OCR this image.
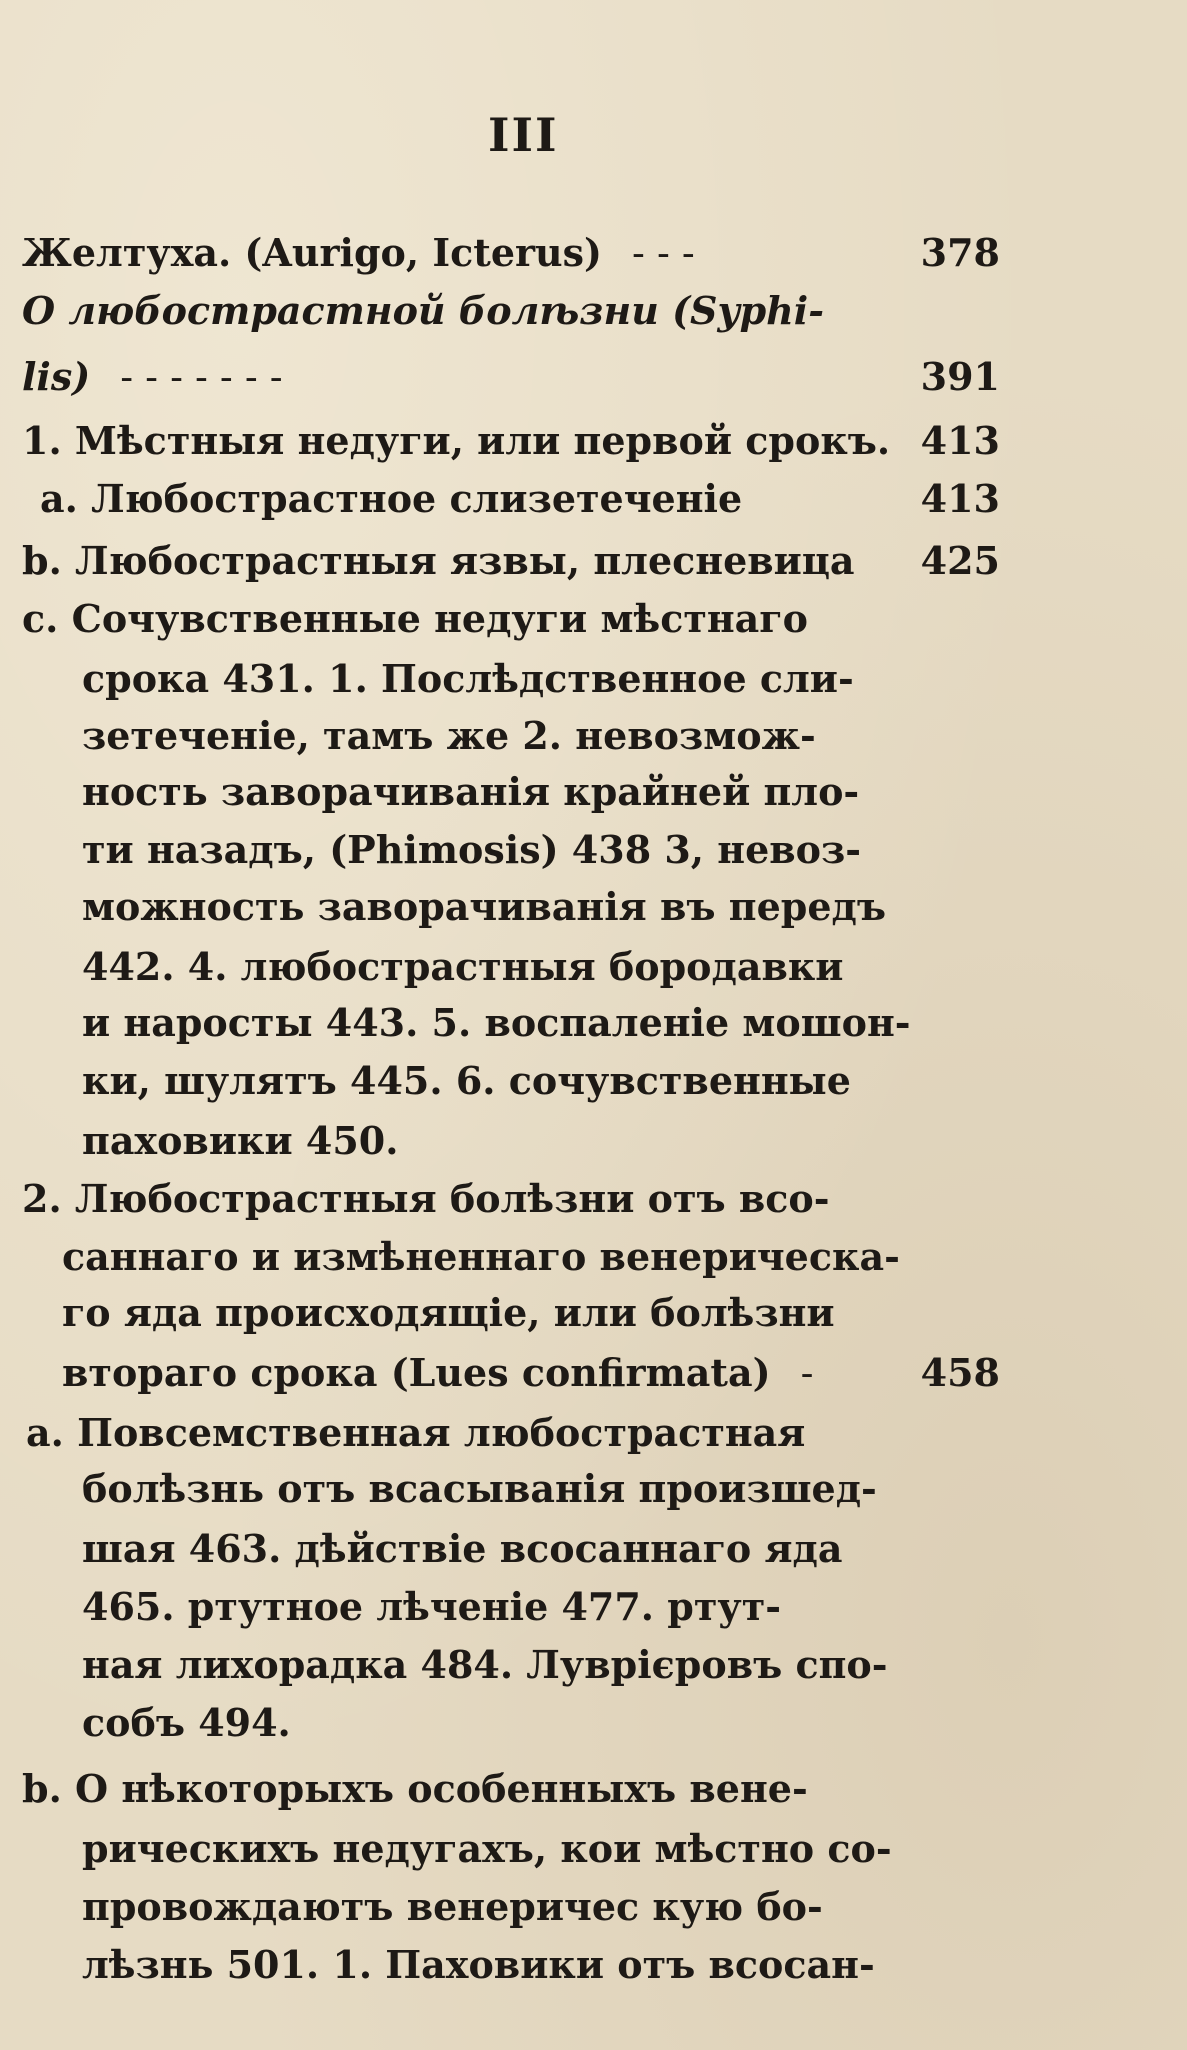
III
Желтуха. (Aurigo, Icterus) - - -	378
О любострастной болѣзни (Syphi-
lis) - - - - - - -	391
1. Мѣстныя недуги, или первой срокъ. 413
a. Любострастное слизетеченіе	413
b. Любострастныя язвы, плесневица 425
c. Сочувственные недуги мѣстнаго
срока 431. 1. Послѣдственное сли-
зетеченіе, тамъ же 2. невозмож-
ность заворачиванія крайней пло-
ти назадъ, (Phimosis) 438 3, невоз-
можность заворачиванія въ передъ
442. 4. любострастныя бородавки
и наросты 443. 5. воспаленіе мошон-
ки, шулятъ 445. 6. сочувственные
паховики 450.
2. Любострастныя болѣзни отъ всо-
саннаго и измѣненнаго венерическа-
го яда происходящіе, или болѣзни
втораго срока (Lues confirmata) -	458
a. Повсемственная любострастная
болѣзнь отъ всасыванія произшед-
шая 463. дѣйствіе всосаннаго яда
465. ртутное лѣченіе 477. ртут-
ная лихорадка 484. Луврієровъ спо-
собъ 494.
b. О нѣкоторыхъ особенныхъ вене-
рическихъ недугахъ, кои мѣстно со-
провождаютъ венеричес кую бо-
лѣзнь 501. 1. Паховики отъ всосан-
